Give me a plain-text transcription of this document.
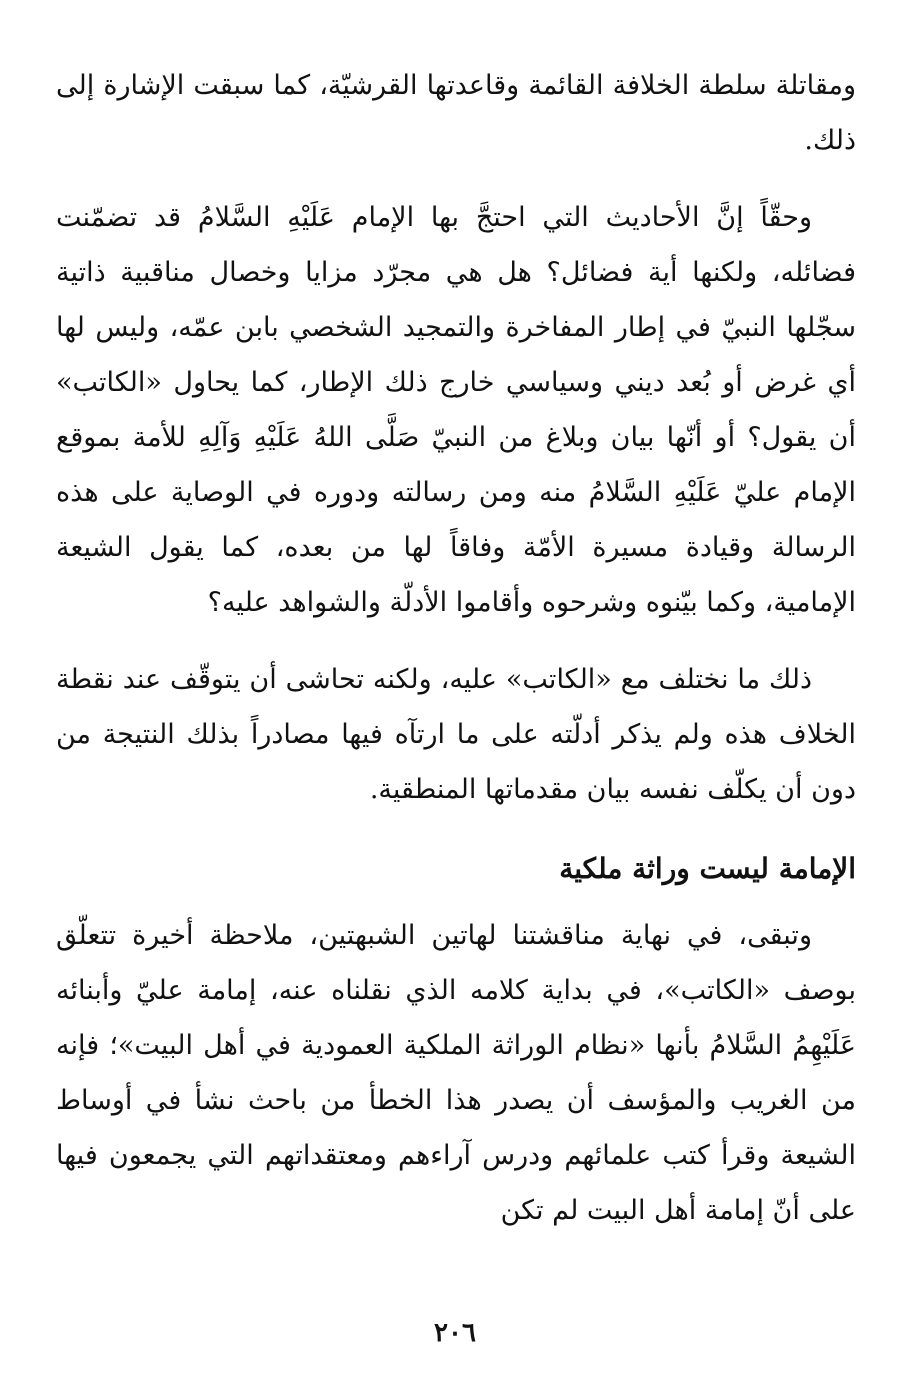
ومقاتلة سلطة الخلافة القائمة وقاعدتها القرشيّة، كما سبقت الإشارة إلى ذلك.

وحقّاً إنَّ الأحاديث التي احتجَّ بها الإمام عَلَيْهِ السَّلامُ قد تضمّنت فضائله، ولكنها أية فضائل؟ هل هي مجرّد مزايا وخصال مناقبية ذاتية سجّلها النبيّ في إطار المفاخرة والتمجيد الشخصي بابن عمّه، وليس لها أي غرض أو بُعد ديني وسياسي خارج ذلك الإطار، كما يحاول «الكاتب» أن يقول؟ أو أنّها بيان وبلاغ من النبيّ صَلَّى اللهُ عَلَيْهِ وَآلِهِ للأمة بموقع الإمام عليّ عَلَيْهِ السَّلامُ منه ومن رسالته ودوره في الوصاية على هذه الرسالة وقيادة مسيرة الأمّة وفاقاً لها من بعده، كما يقول الشيعة الإمامية، وكما بيّنوه وشرحوه وأقاموا الأدلّة والشواهد عليه؟

ذلك ما نختلف مع «الكاتب» عليه، ولكنه تحاشى أن يتوقّف عند نقطة الخلاف هذه ولم يذكر أدلّته على ما ارتآه فيها مصادراً بذلك النتيجة من دون أن يكلّف نفسه بيان مقدماتها المنطقية.

الإمامة ليست وراثة ملكية

وتبقى، في نهاية مناقشتنا لهاتين الشبهتين، ملاحظة أخيرة تتعلّق بوصف «الكاتب»، في بداية كلامه الذي نقلناه عنه، إمامة عليّ وأبنائه عَلَيْهِمُ السَّلامُ بأنها «نظام الوراثة الملكية العمودية في أهل البيت»؛ فإنه من الغريب والمؤسف أن يصدر هذا الخطأ من باحث نشأ في أوساط الشيعة وقرأ كتب علمائهم ودرس آراءهم ومعتقداتهم التي يجمعون فيها على أنّ إمامة أهل البيت لم تكن

٢٠٦
